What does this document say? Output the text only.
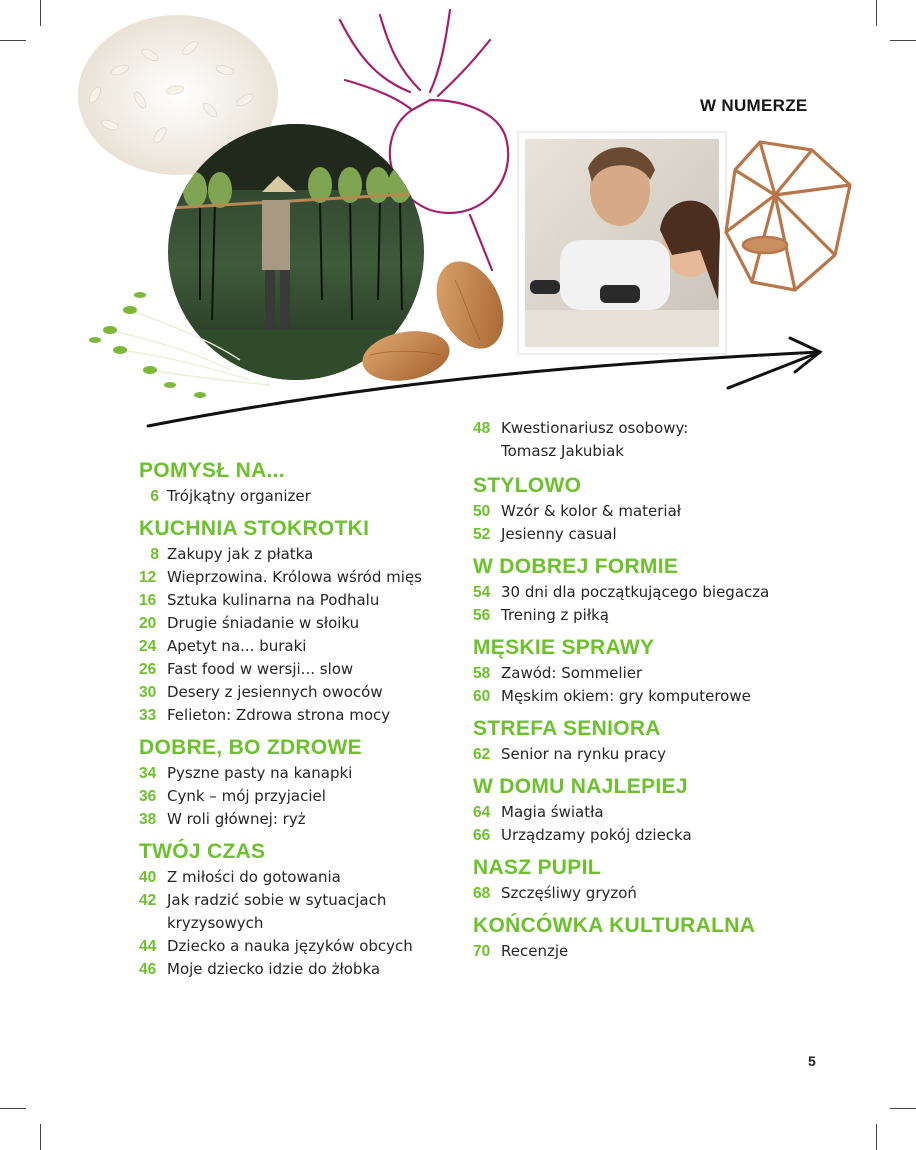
W NUMERZE
POMYSŁ NA...
6 Trójkątny organizer
KUCHNIA STOKROTKI
8 Zakupy jak z płatka
12 Wieprzowina. Królowa wśród mięs
16 Sztuka kulinarna na Podhalu
20 Drugie śniadanie w słoiku
24 Apetyt na... buraki
26 Fast food w wersji... slow
30 Desery z jesiennych owoców
33 Felieton: Zdrowa strona mocy
DOBRE, BO ZDROWE
34 Pyszne pasty na kanapki
36 Cynk – mój przyjaciel
38 W roli głównej: ryż
TWÓJ CZAS
40 Z miłości do gotowania
42 Jak radzić sobie w sytuacjach
kryzysowych
44 Dziecko a nauka języków obcych
46 Moje dziecko idzie do żłobka
48 Kwestionariusz osobowy:
Tomasz Jakubiak
STYLOWO
50 Wzór & kolor & materiał
52 Jesienny casual
W DOBREJ FORMIE
54 30 dni dla początkującego biegacza
56 Trening z piłką
MĘSKIE SPRAWY
58 Zawód: Sommelier
60 Męskim okiem: gry komputerowe
STREFA SENIORA
62 Senior na rynku pracy
W DOMU NAJLEPIEJ
64 Magia światła
66 Urządzamy pokój dziecka
NASZ PUPIL
68 Szczęśliwy gryzoń
KOŃCÓWKA KULTURALNA
70 Recenzje
5
